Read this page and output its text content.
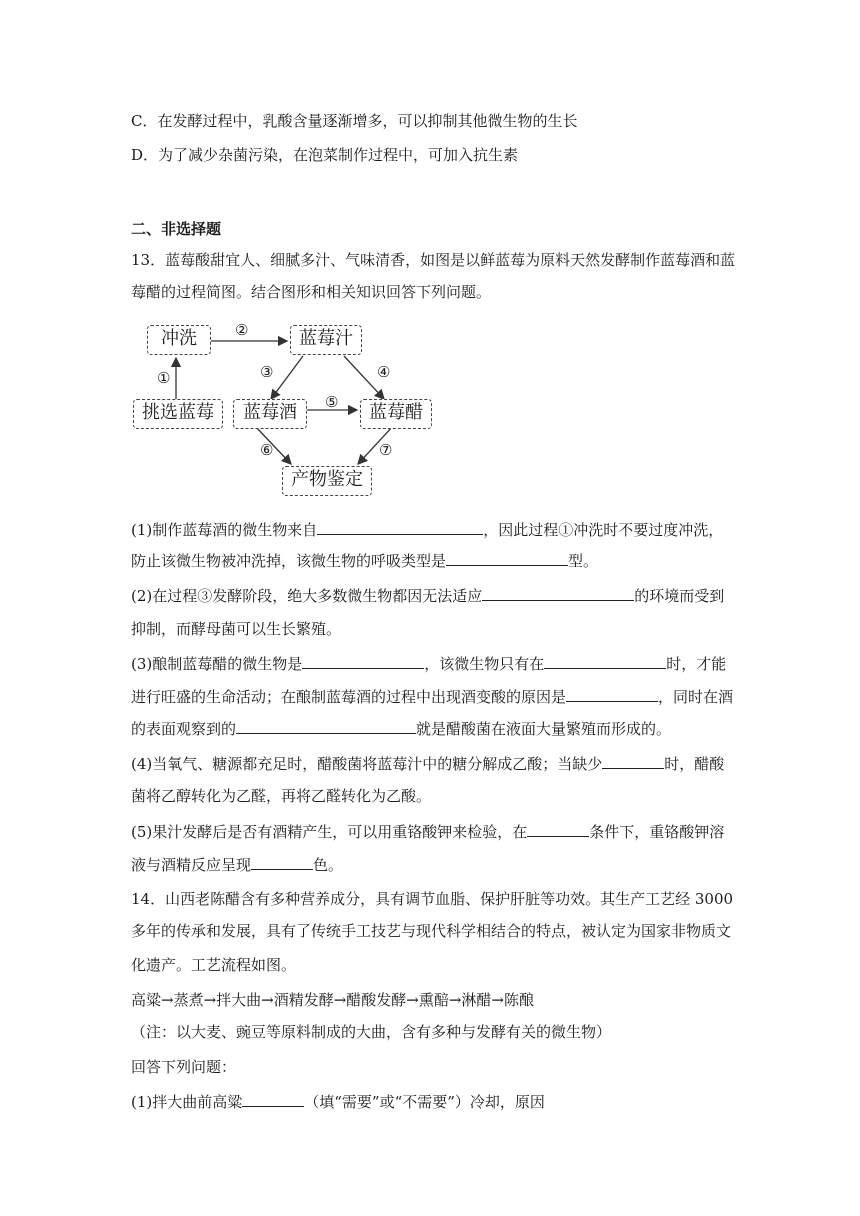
C．在发酵过程中，乳酸含量逐渐增多，可以抑制其他微生物的生长
D．为了减少杂菌污染，在泡菜制作过程中，可加入抗生素
二、非选择题
13．蓝莓酸甜宜人、细腻多汁、气味清香，如图是以鲜蓝莓为原料天然发酵制作蓝莓酒和蓝
莓醋的过程简图。结合图形和相关知识回答下列问题。
冲洗	蓝莓汁
挑选蓝莓	蓝莓酒	蓝莓醋
产物鉴定
①
②
③	④
⑤
⑥	⑦
(1)制作蓝莓酒的微生物来自	，因此过程①冲洗时不要过度冲洗，
防止该微生物被冲洗掉，该微生物的呼吸类型是	型。
(2)在过程③发酵阶段，绝大多数微生物都因无法适应	的环境而受到
抑制，而酵母菌可以生长繁殖。
(3)酿制蓝莓醋的微生物是	，该微生物只有在	时，才能
进行旺盛的生命活动；在酿制蓝莓酒的过程中出现酒变酸的原因是	，同时在酒
的表面观察到的	就是醋酸菌在液面大量繁殖而形成的。
(4)当氧气、糖源都充足时，醋酸菌将蓝莓汁中的糖分解成乙酸；当缺少	时，醋酸
菌将乙醇转化为乙醛，再将乙醛转化为乙酸。
(5)果汁发酵后是否有酒精产生，可以用重铬酸钾来检验，在	条件下，重铬酸钾溶
液与酒精反应呈现	色。
14．山西老陈醋含有多种营养成分，具有调节血脂、保护肝脏等功效。其生产工艺经 3000
多年的传承和发展，具有了传统手工技艺与现代科学相结合的特点，被认定为国家非物质文
化遗产。工艺流程如图。
高粱→蒸煮→拌大曲→酒精发酵→醋酸发酵→熏醅→淋醋→陈酿
（注：以大麦、豌豆等原料制成的大曲，含有多种与发酵有关的微生物）
回答下列问题：
(1)拌大曲前高粱	（填“需要”或“不需要”）冷却，原因
